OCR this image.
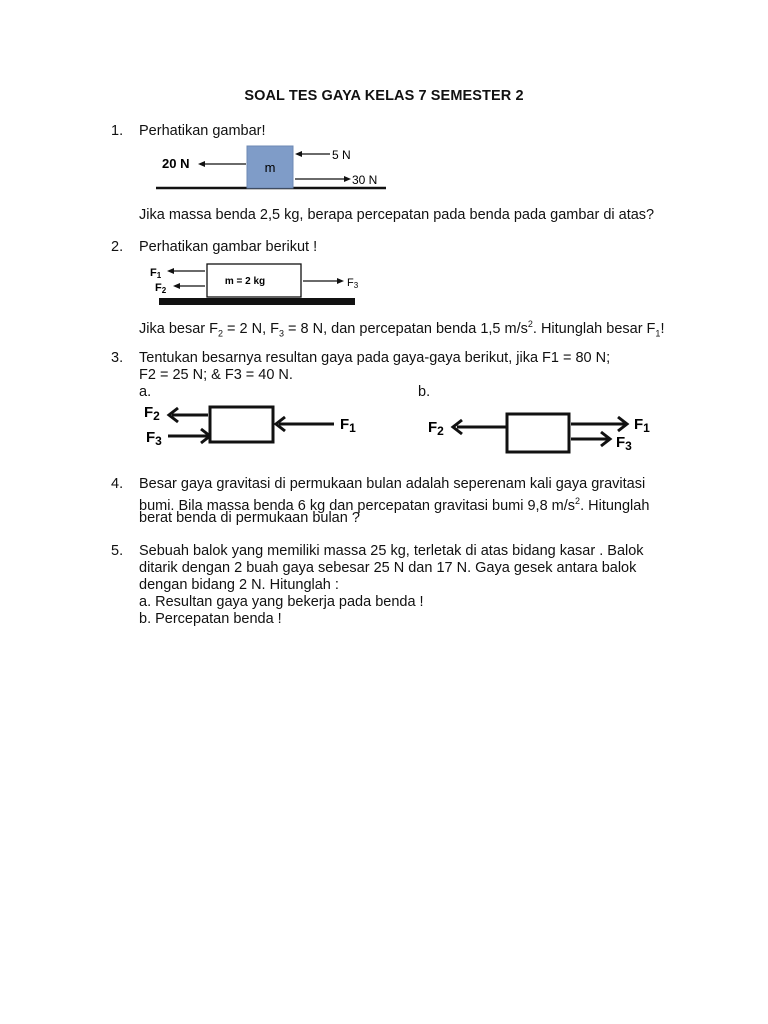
SOAL TES GAYA KELAS 7 SEMESTER 2
1. Perhatikan gambar!
m
20 N
5 N
30 N
Jika massa benda 2,5 kg, berapa percepatan pada benda pada gambar di atas?
2. Perhatikan gambar berikut !
m = 2 kg
F1
F2
F3
Jika besar $F_2 = 2$ N, $F_3 = 8$ N, dan percepatan benda 1,5 $m/s^2$. Hitunglah besar $F_1$!
3. Tentukan besarnya resultan gaya pada gaya-gaya berikut, jika F1 = 80 N;
F2 = 25 N; & F3 = 40 N.
a.	b.
$F_2$
$F_3$
$F_1$	$F_2$	$F_1$
$F_3$
4. Besar gaya gravitasi di permukaan bulan adalah seperenam kali gaya gravitasi
bumi. Bila massa benda 6 kg dan percepatan gravitasi bumi 9,8 $m/s^2$. Hitunglah
berat benda di permukaan bulan ?
5. Sebuah balok yang memiliki massa 25 kg, terletak di atas bidang kasar . Balok
ditarik dengan 2 buah gaya sebesar 25 N dan 17 N. Gaya gesek antara balok
dengan bidang 2 N. Hitunglah :
a. Resultan gaya yang bekerja pada benda !
b. Percepatan benda !
